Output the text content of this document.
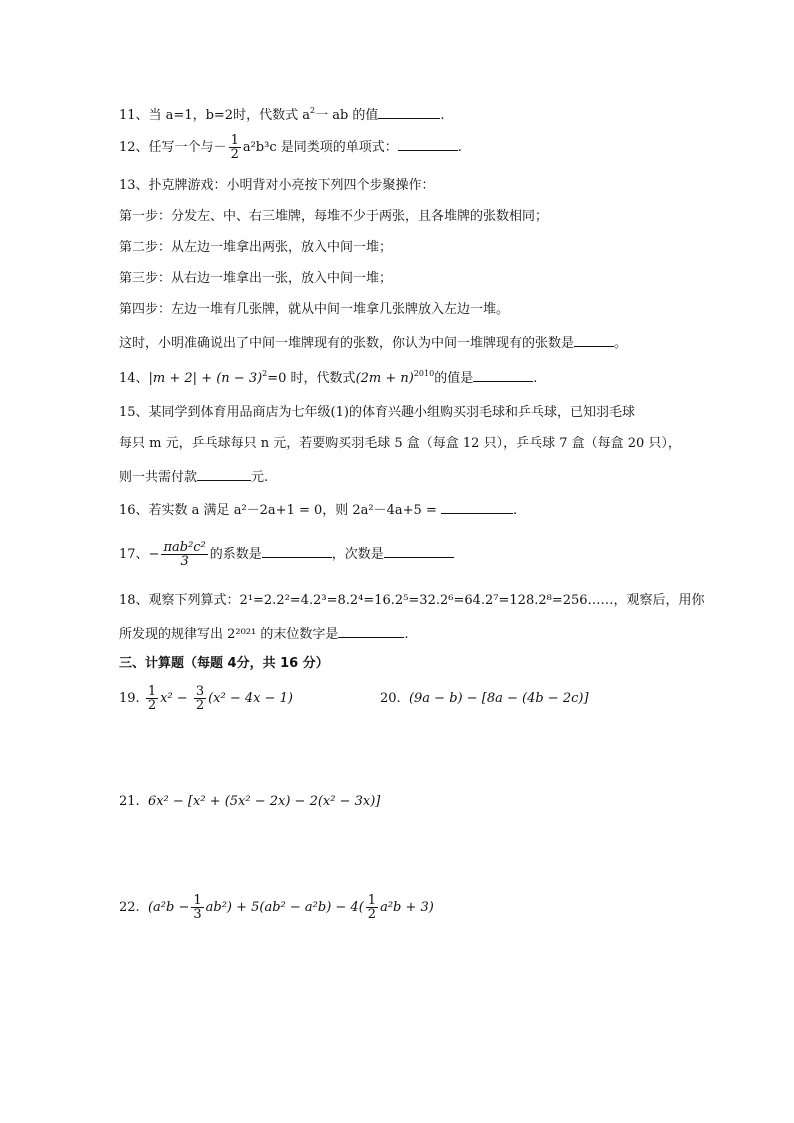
11、当 a=1，b=2时，代数式 $a^2$一 ab 的值	.
12、任写一个与－ $\frac{1}{2} a^2b^3c$ 是同类项的单项式：	.
13、扑克牌游戏：小明背对小亮按下列四个步聚操作：
第一步：分发左、中、右三堆牌，每堆不少于两张，且各堆牌的张数相同；
第二步：从左边一堆拿出两张，放入中间一堆；
第三步：从右边一堆拿出一张，放入中间一堆；
第四步：左边一堆有几张牌，就从中间一堆拿几张牌放入左边一堆。
这时，小明准确说出了中间一堆牌现有的张数，你认为中间一堆牌现有的张数是	。
14、$|m + 2| + (n - 3)^2=0$ 时，代数式$(2m + n)^{2010}$的值是	.
15、某同学到体育用品商店为七年级(1)的体育兴趣小组购买羽毛球和乒乓球，已知羽毛球
每只 m 元，乒乓球每只 n 元，若要购买羽毛球 5 盒（每盒 12 只），乒乓球 7 盒（每盒 20 只），
则一共需付款	元.
16、若实数 a 满足 a²－2a+1 = 0，则 2a²－4a+5 =	.
17、− $\frac{\text{πab²c²}}{3}$ 的系数是	，次数是
18、观察下列算式：2¹=2.2²=4.2³=8.2⁴=16.2⁵=32.2⁶=64.2⁷=128.2⁸=256……，观察后，用你
所发现的规律写出 2²⁰²¹ 的末位数字是	.
三、计算题（每题 4分，共 16 分）
19. $\frac{1}{2} x^2 - \frac{3}{2} (x^2 - 4x - 1)$	20. (9a − b) − [8a − (4b − 2c)]
21. 6x² − [x² + (5x² − 2x) − 2(x² − 3x)]
22. $(a^2b - \frac{1}{3} ab^2) + 5(ab^2 - a^2b) - 4( \frac{1}{2} a^2b + 3)$
